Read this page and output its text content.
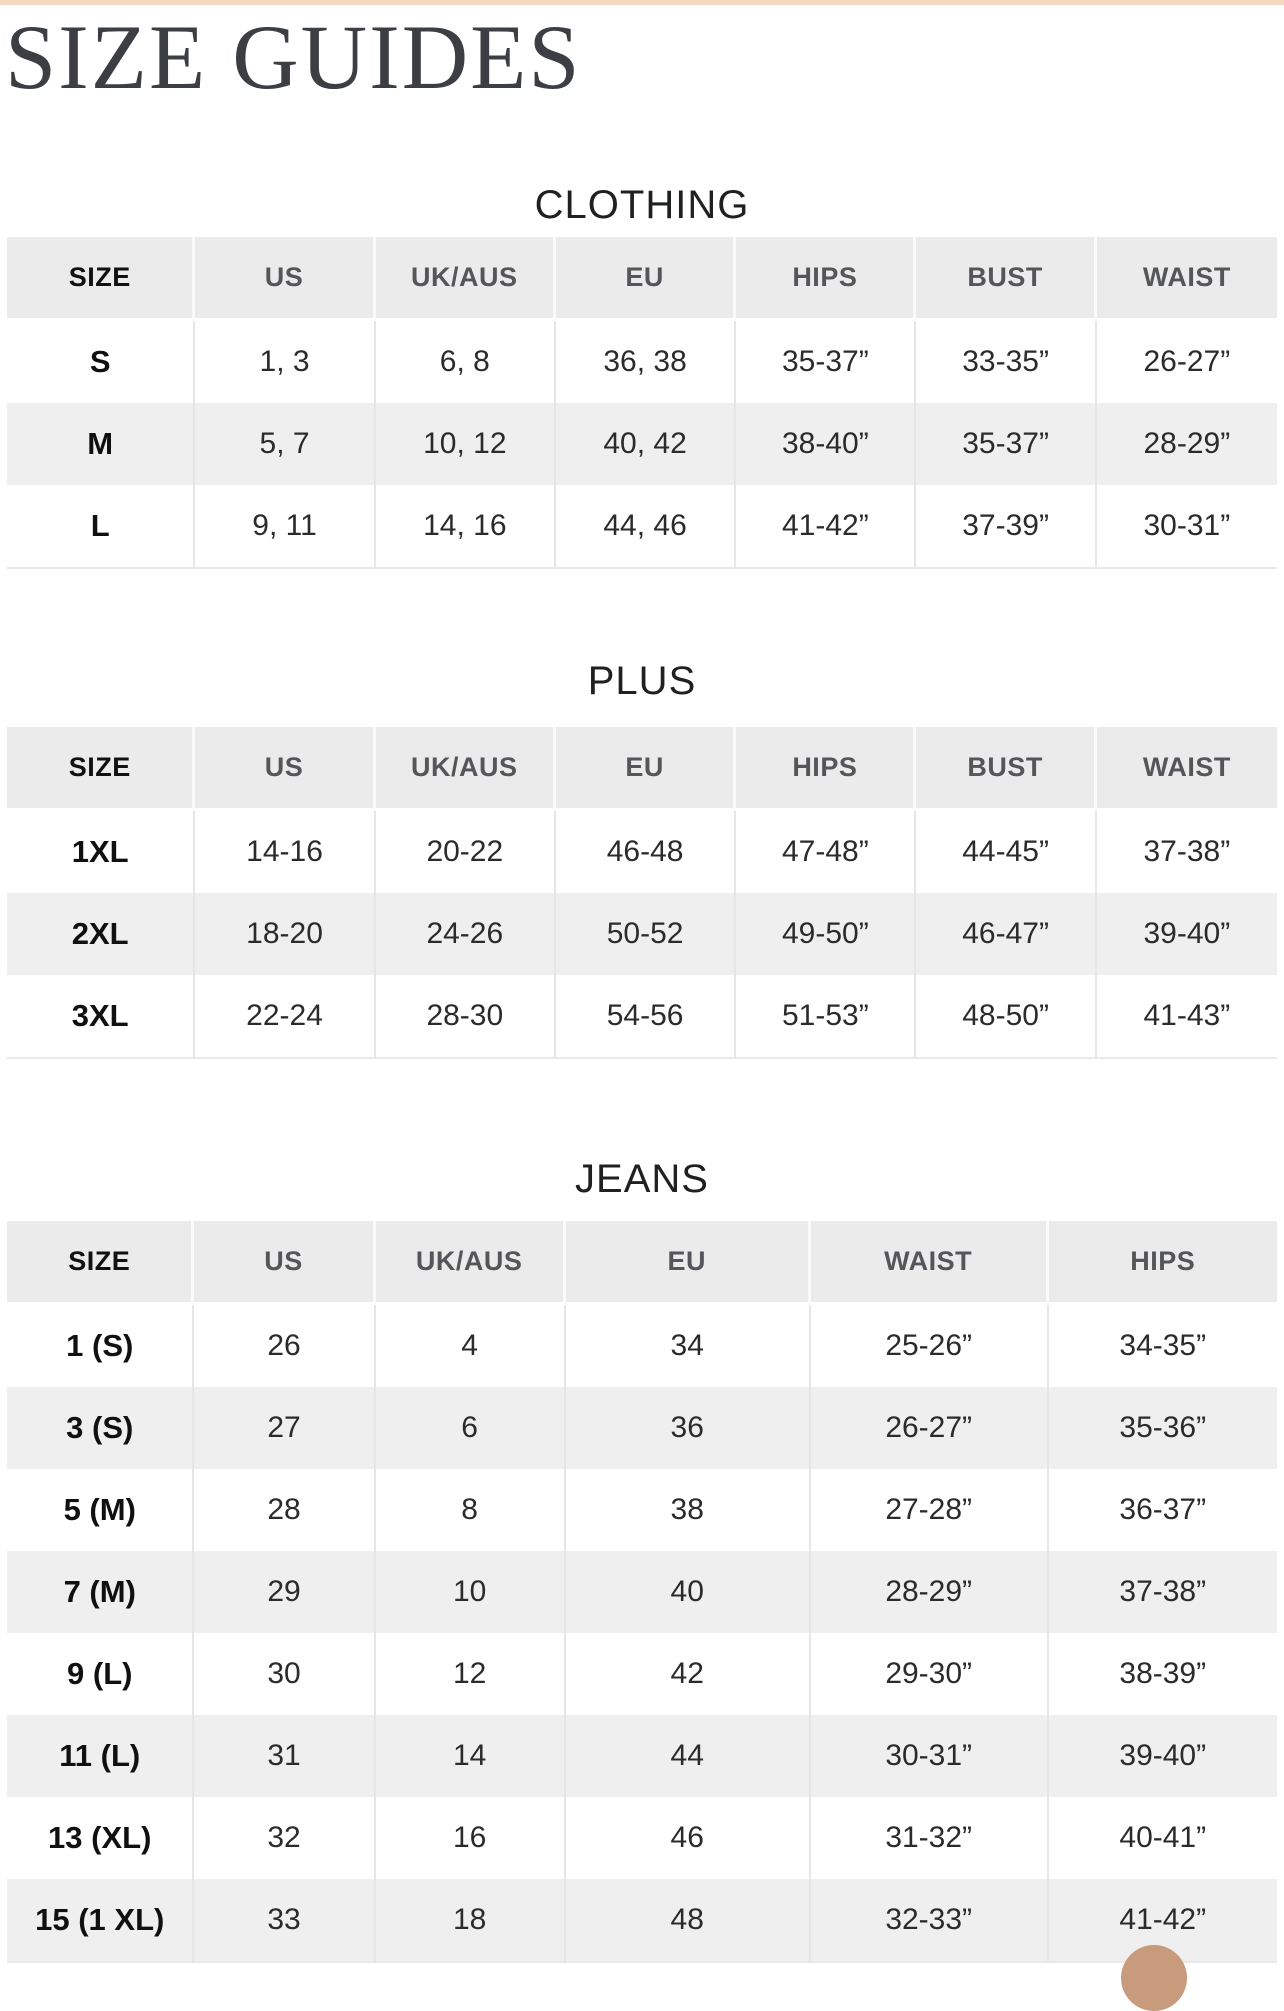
SIZE GUIDES
CLOTHING
SIZE	US	UK/AUS	EU	HIPS	BUST	WAIST
S	1, 3	6, 8	36, 38	35-37”	33-35”	26-27”
M	5, 7	10, 12	40, 42	38-40”	35-37”	28-29”
L	9, 11	14, 16	44, 46	41-42”	37-39”	30-31”
PLUS
SIZE	US	UK/AUS	EU	HIPS	BUST	WAIST
1XL	14-16	20-22	46-48	47-48”	44-45”	37-38”
2XL	18-20	24-26	50-52	49-50”	46-47”	39-40”
3XL	22-24	28-30	54-56	51-53”	48-50”	41-43”
JEANS
SIZE	US	UK/AUS	EU	WAIST	HIPS
1 (S)	26	4	34	25-26”	34-35”
3 (S)	27	6	36	26-27”	35-36”
5 (M)	28	8	38	27-28”	36-37”
7 (M)	29	10	40	28-29”	37-38”
9 (L)	30	12	42	29-30”	38-39”
11 (L)	31	14	44	30-31”	39-40”
13 (XL)	32	16	46	31-32”	40-41”
15 (1 XL)	33	18	48	32-33”	41-42”
